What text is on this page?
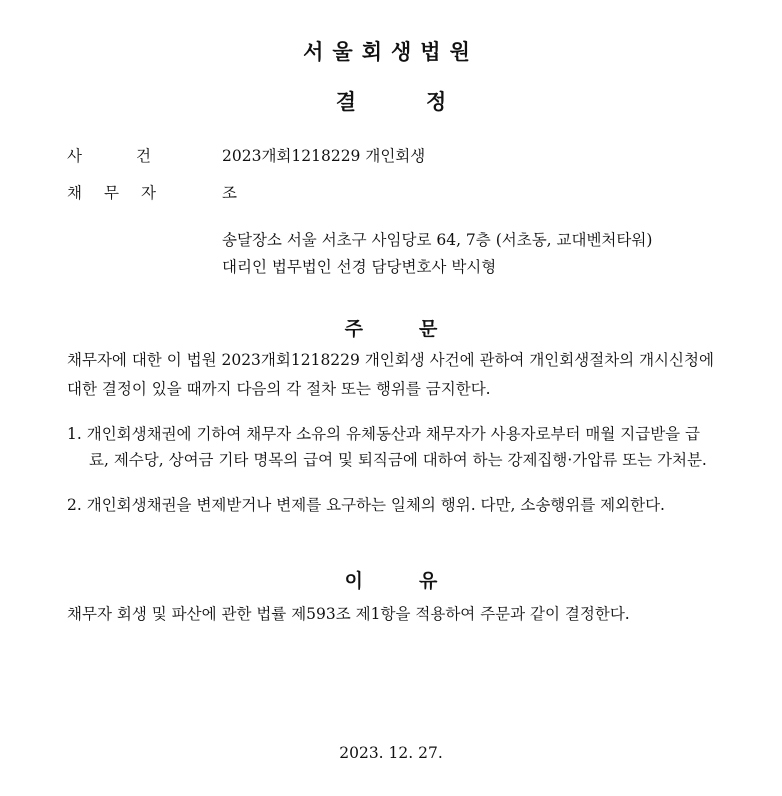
서울회생법원
결정
사건 2023개회1218229 개인회생
채무자	조
송달장소 서울 서초구 사임당로 64, 7층 (서초동, 교대벤처타워)
대리인 법무법인 선경 담당변호사 박시형
주문
채무자에 대한 이 법원 2023개회1218229 개인회생 사건에 관하여 개인회생절차의 개시신청에 대한 결정이 있을 때까지 다음의 각 절차 또는 행위를 금지한다.
1. 개인회생채권에 기하여 채무자 소유의 유체동산과 채무자가 사용자로부터 매월 지급받을 급료, 제수당, 상여금 기타 명목의 급여 및 퇴직금에 대하여 하는 강제집행·가압류 또는 가처분.
2. 개인회생채권을 변제받거나 변제를 요구하는 일체의 행위. 다만, 소송행위를 제외한다.
이유
채무자 회생 및 파산에 관한 법률 제593조 제1항을 적용하여 주문과 같이 결정한다.
2023. 12. 27.
